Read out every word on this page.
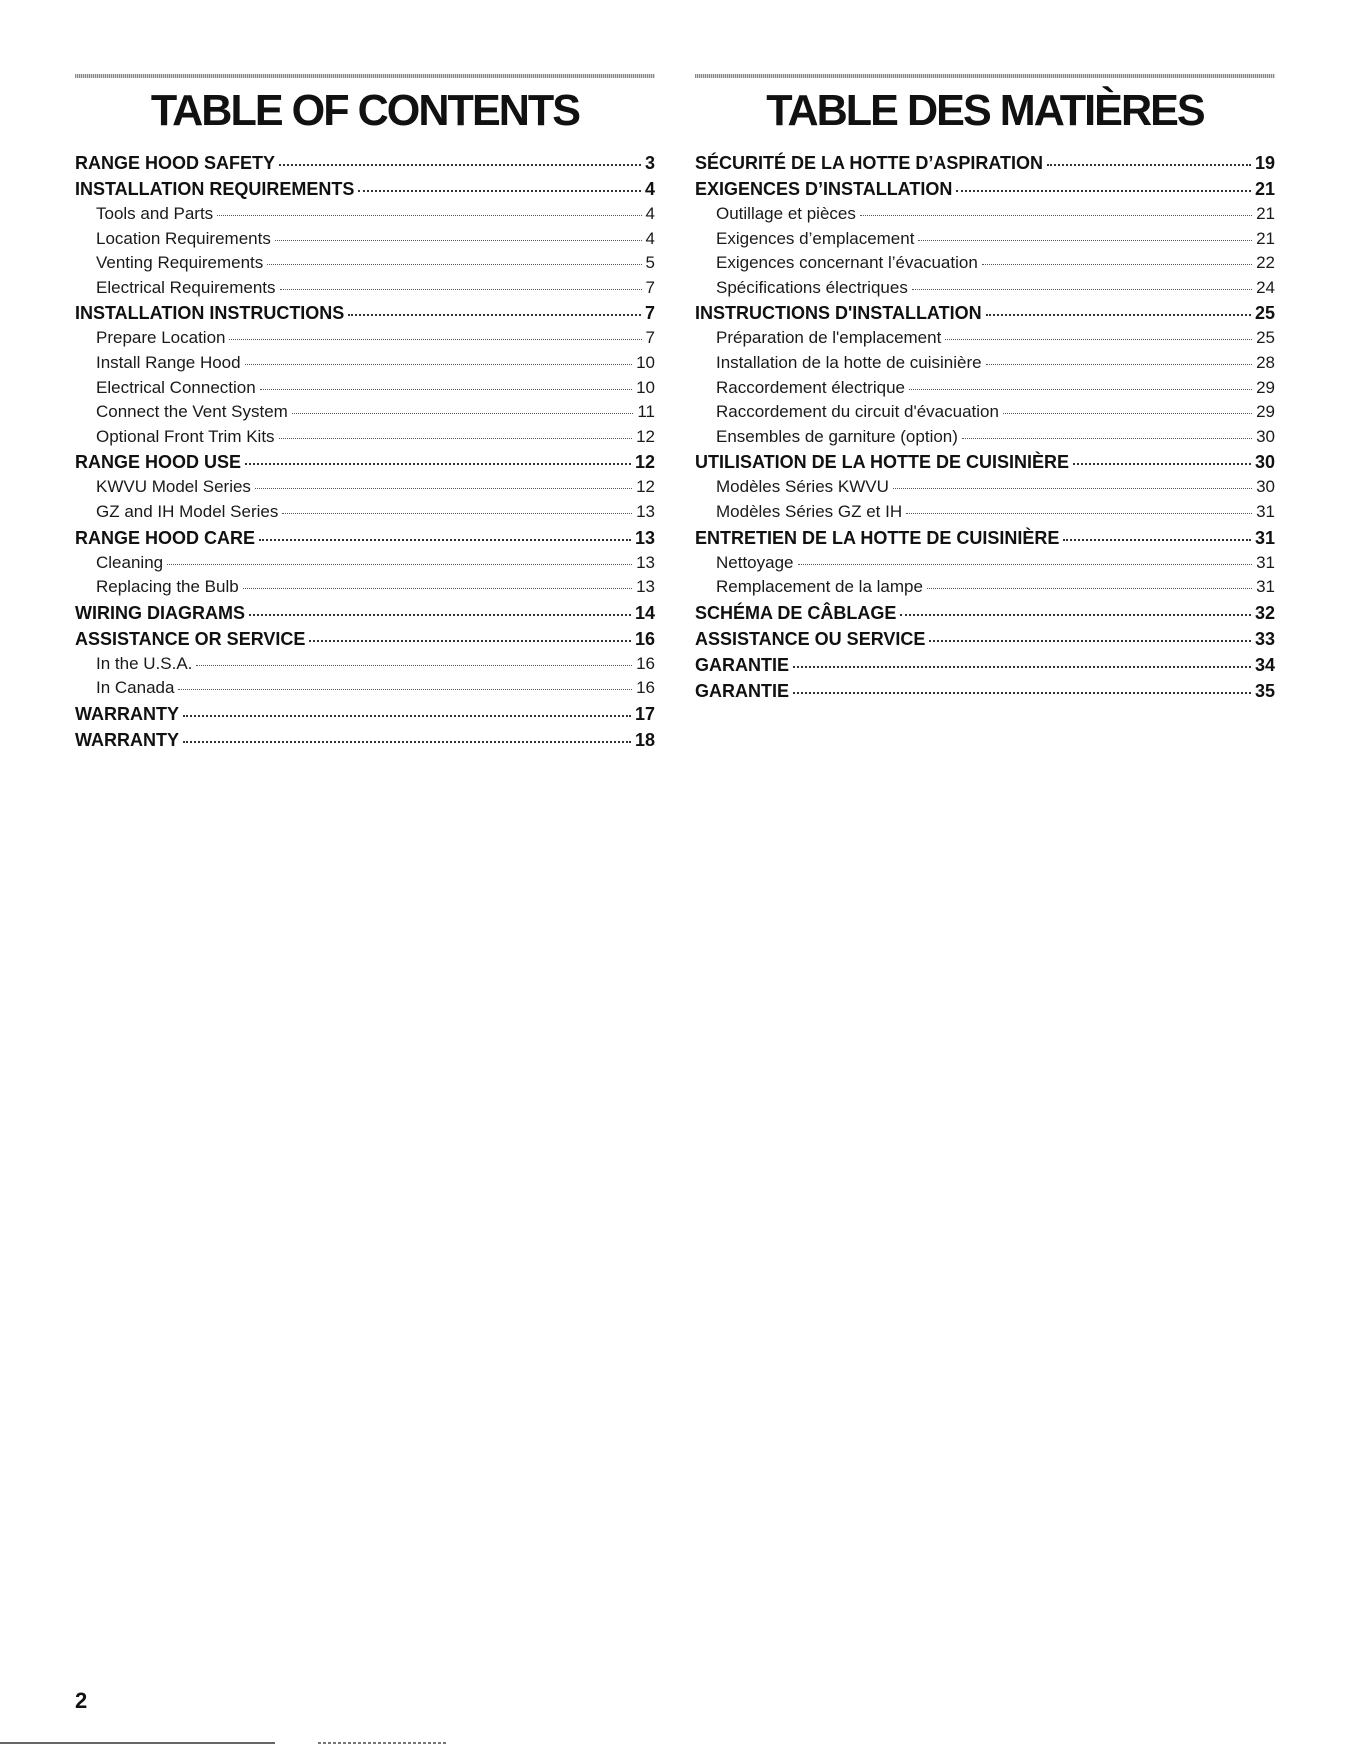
TABLE OF CONTENTS
RANGE HOOD SAFETY	3
INSTALLATION REQUIREMENTS	4
Tools and Parts	4
Location Requirements	4
Venting Requirements	5
Electrical Requirements	7
INSTALLATION INSTRUCTIONS	7
Prepare Location	7
Install Range Hood	10
Electrical Connection	10
Connect the Vent System	11
Optional Front Trim Kits	12
RANGE HOOD USE	12
KWVU Model Series	12
GZ and IH Model Series	13
RANGE HOOD CARE	13
Cleaning	13
Replacing the Bulb	13
WIRING DIAGRAMS	14
ASSISTANCE OR SERVICE	16
In the U.S.A.	16
In Canada	16
WARRANTY	17
WARRANTY	18
TABLE DES MATIÈRES
SÉCURITÉ DE LA HOTTE D’ASPIRATION	19
EXIGENCES D’INSTALLATION	21
Outillage et pièces	21
Exigences d’emplacement	21
Exigences concernant l’évacuation	22
Spécifications électriques	24
INSTRUCTIONS D'INSTALLATION	25
Préparation de l'emplacement	25
Installation de la hotte de cuisinière	28
Raccordement électrique	29
Raccordement du circuit d'évacuation	29
Ensembles de garniture (option)	30
UTILISATION DE LA HOTTE DE CUISINIÈRE	30
Modèles Séries KWVU	30
Modèles Séries GZ et IH	31
ENTRETIEN DE LA HOTTE DE CUISINIÈRE	31
Nettoyage	31
Remplacement de la lampe	31
SCHÉMA DE CÂBLAGE	32
ASSISTANCE OU SERVICE	33
GARANTIE	34
GARANTIE	35
2
